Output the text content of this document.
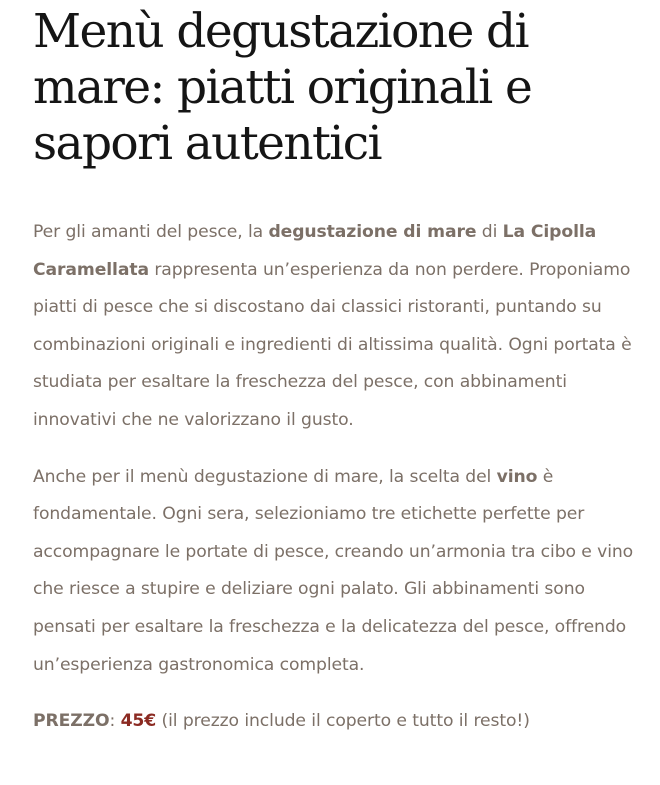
Menù degustazione di mare: piatti originali e sapori autentici

Per gli amanti del pesce, la degustazione di mare di La Cipolla Caramellata rappresenta un’esperienza da non perdere. Proponiamo piatti di pesce che si discostano dai classici ristoranti, puntando su combinazioni originali e ingredienti di altissima qualità. Ogni portata è studiata per esaltare la freschezza del pesce, con abbinamenti innovativi che ne valorizzano il gusto.

Anche per il menù degustazione di mare, la scelta del vino è fondamentale. Ogni sera, selezioniamo tre etichette perfette per accompagnare le portate di pesce, creando un’armonia tra cibo e vino che riesce a stupire e deliziare ogni palato. Gli abbinamenti sono pensati per esaltare la freschezza e la delicatezza del pesce, offrendo un’esperienza gastronomica completa.

PREZZO: 45€ (il prezzo include il coperto e tutto il resto!)
